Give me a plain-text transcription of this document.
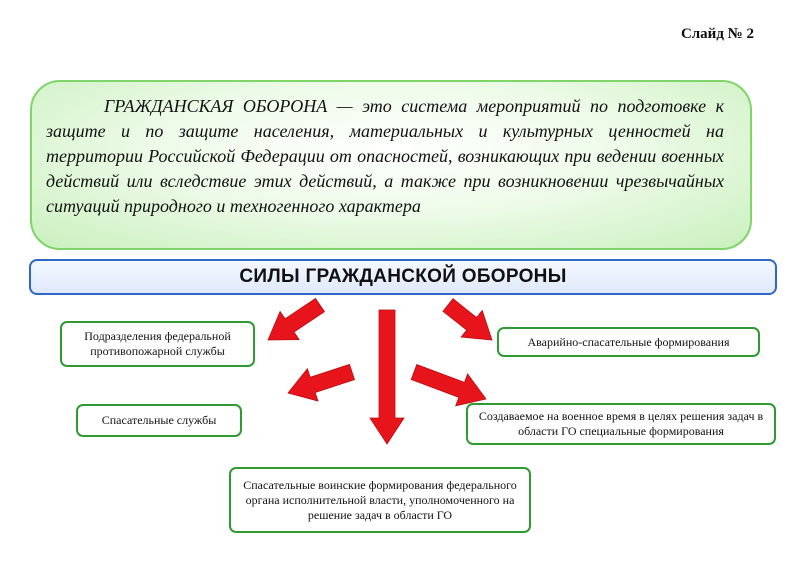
Слайд № 2
ГРАЖДАНСКАЯ ОБОРОНА — это система мероприятий по подготовке к защите и по защите населения, материальных и культурных ценностей на территории Российской Федерации от опасностей, возникающих при ведении военных действий или вследствие этих действий, а также при возникновении чрезвычайных ситуаций природного и техногенного характера
СИЛЫ ГРАЖДАНСКОЙ ОБОРОНЫ
Подразделения федеральной противопожарной службы
Аварийно-спасательные формирования
Спасательные службы	Создаваемое на военное время в целях решения задач в области ГО специальные формирования
Спасательные воинские формирования федерального органа исполнительной власти, уполномоченного на решение задач в области ГО
